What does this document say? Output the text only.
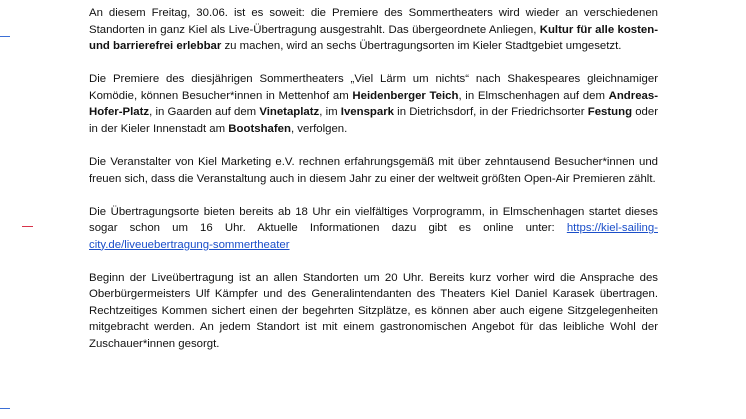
An diesem Freitag, 30.06. ist es soweit: die Premiere des Sommertheaters wird wieder an verschiedenen Standorten in ganz Kiel als Live-Übertragung ausgestrahlt. Das übergeordnete Anliegen, Kultur für alle kosten- und barrierefrei erlebbar zu machen, wird an sechs Übertragungsorten im Kieler Stadtgebiet umgesetzt.

Die Premiere des diesjährigen Sommertheaters „Viel Lärm um nichts“ nach Shakespeares gleichnamiger Komödie, können Besucher*innen in Mettenhof am Heidenberger Teich, in Elmschenhagen auf dem Andreas-Hofer-Platz, in Gaarden auf dem Vinetaplatz, im Ivenspark in Dietrichsdorf, in der Friedrichsorter Festung oder in der Kieler Innenstadt am Bootshafen, verfolgen.

Die Veranstalter von Kiel Marketing e.V. rechnen erfahrungsgemäß mit über zehntausend Besucher*innen und freuen sich, dass die Veranstaltung auch in diesem Jahr zu einer der weltweit größten Open-Air Premieren zählt.

Die Übertragungsorte bieten bereits ab 18 Uhr ein vielfältiges Vorprogramm, in Elmschenhagen startet dieses sogar schon um 16 Uhr. Aktuelle Informationen dazu gibt es online unter: https://kiel-sailing-city.de/liveuebertragung-sommertheater

Beginn der Liveübertragung ist an allen Standorten um 20 Uhr. Bereits kurz vorher wird die Ansprache des Oberbürgermeisters Ulf Kämpfer und des Generalintendanten des Theaters Kiel Daniel Karasek übertragen. Rechtzeitiges Kommen sichert einen der begehrten Sitzplätze, es können aber auch eigene Sitzgelegenheiten mitgebracht werden. An jedem Standort ist mit einem gastronomischen Angebot für das leibliche Wohl der Zuschauer*innen gesorgt.
